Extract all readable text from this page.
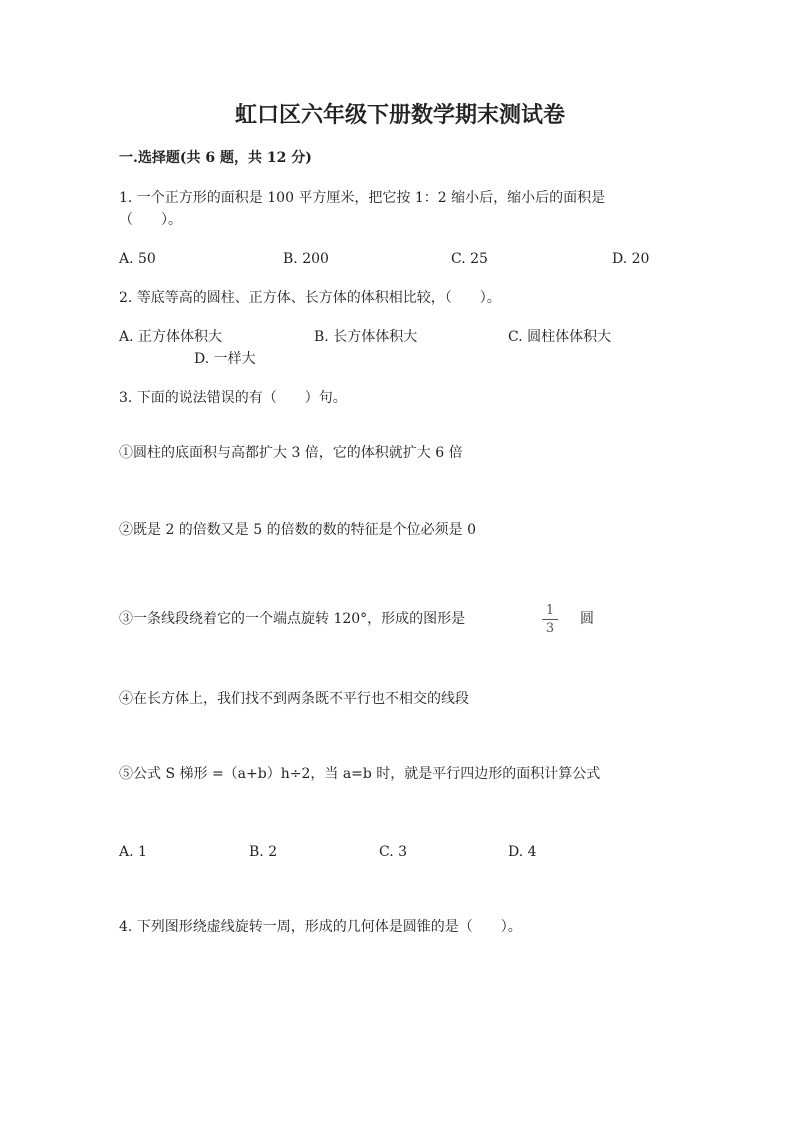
虹口区六年级下册数学期末测试卷
一.选择题(共 6 题，共 12 分)
1. 一个正方形的面积是 100 平方厘米，把它按 1：2 缩小后，缩小后的面积是
（　　）。
A. 50	B. 200	C. 25	D. 20
2. 等底等高的圆柱、正方体、长方体的体积相比较，（　　）。
A. 正方体体积大	B. 长方体体积大	C. 圆柱体体积大
D. 一样大
3. 下面的说法错误的有（　　）句。
①圆柱的底面积与高都扩大 3 倍，它的体积就扩大 6 倍
②既是 2 的倍数又是 5 的倍数的数的特征是个位必须是 0
③一条线段绕着它的一个端点旋转 120°，形成的图形是
1
3
圆
④在长方体上，我们找不到两条既不平行也不相交的线段
⑤公式 S 梯形 =（a+b）h÷2，当 a=b 时，就是平行四边形的面积计算公式
A. 1	B. 2	C. 3	D. 4
4. 下列图形绕虚线旋转一周，形成的几何体是圆锥的是（　　）。
